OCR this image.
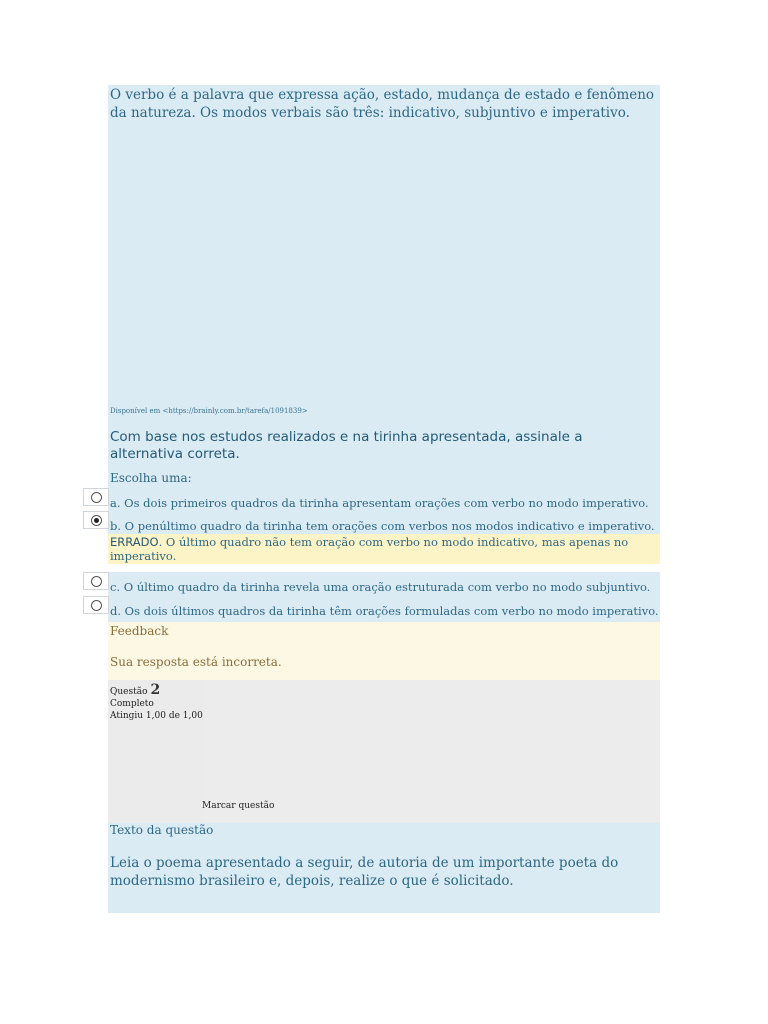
O verbo é a palavra que expressa ação, estado, mudança de estado e fenômeno da natureza. Os modos verbais são três: indicativo, subjuntivo e imperativo.
Disponível em <https://brainly.com.br/tarefa/1091839>
Com base nos estudos realizados e na tirinha apresentada, assinale a alternativa correta.
Escolha uma:
a. Os dois primeiros quadros da tirinha apresentam orações com verbo no modo imperativo.
b. O penúltimo quadro da tirinha tem orações com verbos nos modos indicativo e imperativo.
ERRADO. O último quadro não tem oração com verbo no modo indicativo, mas apenas no imperativo.
c. O último quadro da tirinha revela uma oração estruturada com verbo no modo subjuntivo.
d. Os dois últimos quadros da tirinha têm orações formuladas com verbo no modo imperativo.
Feedback
Sua resposta está incorreta.
Questão 2
Completo
Atingiu 1,00 de 1,00
Marcar questão
Texto da questão
Leia o poema apresentado a seguir, de autoria de um importante poeta do modernismo brasileiro e, depois, realize o que é solicitado.
